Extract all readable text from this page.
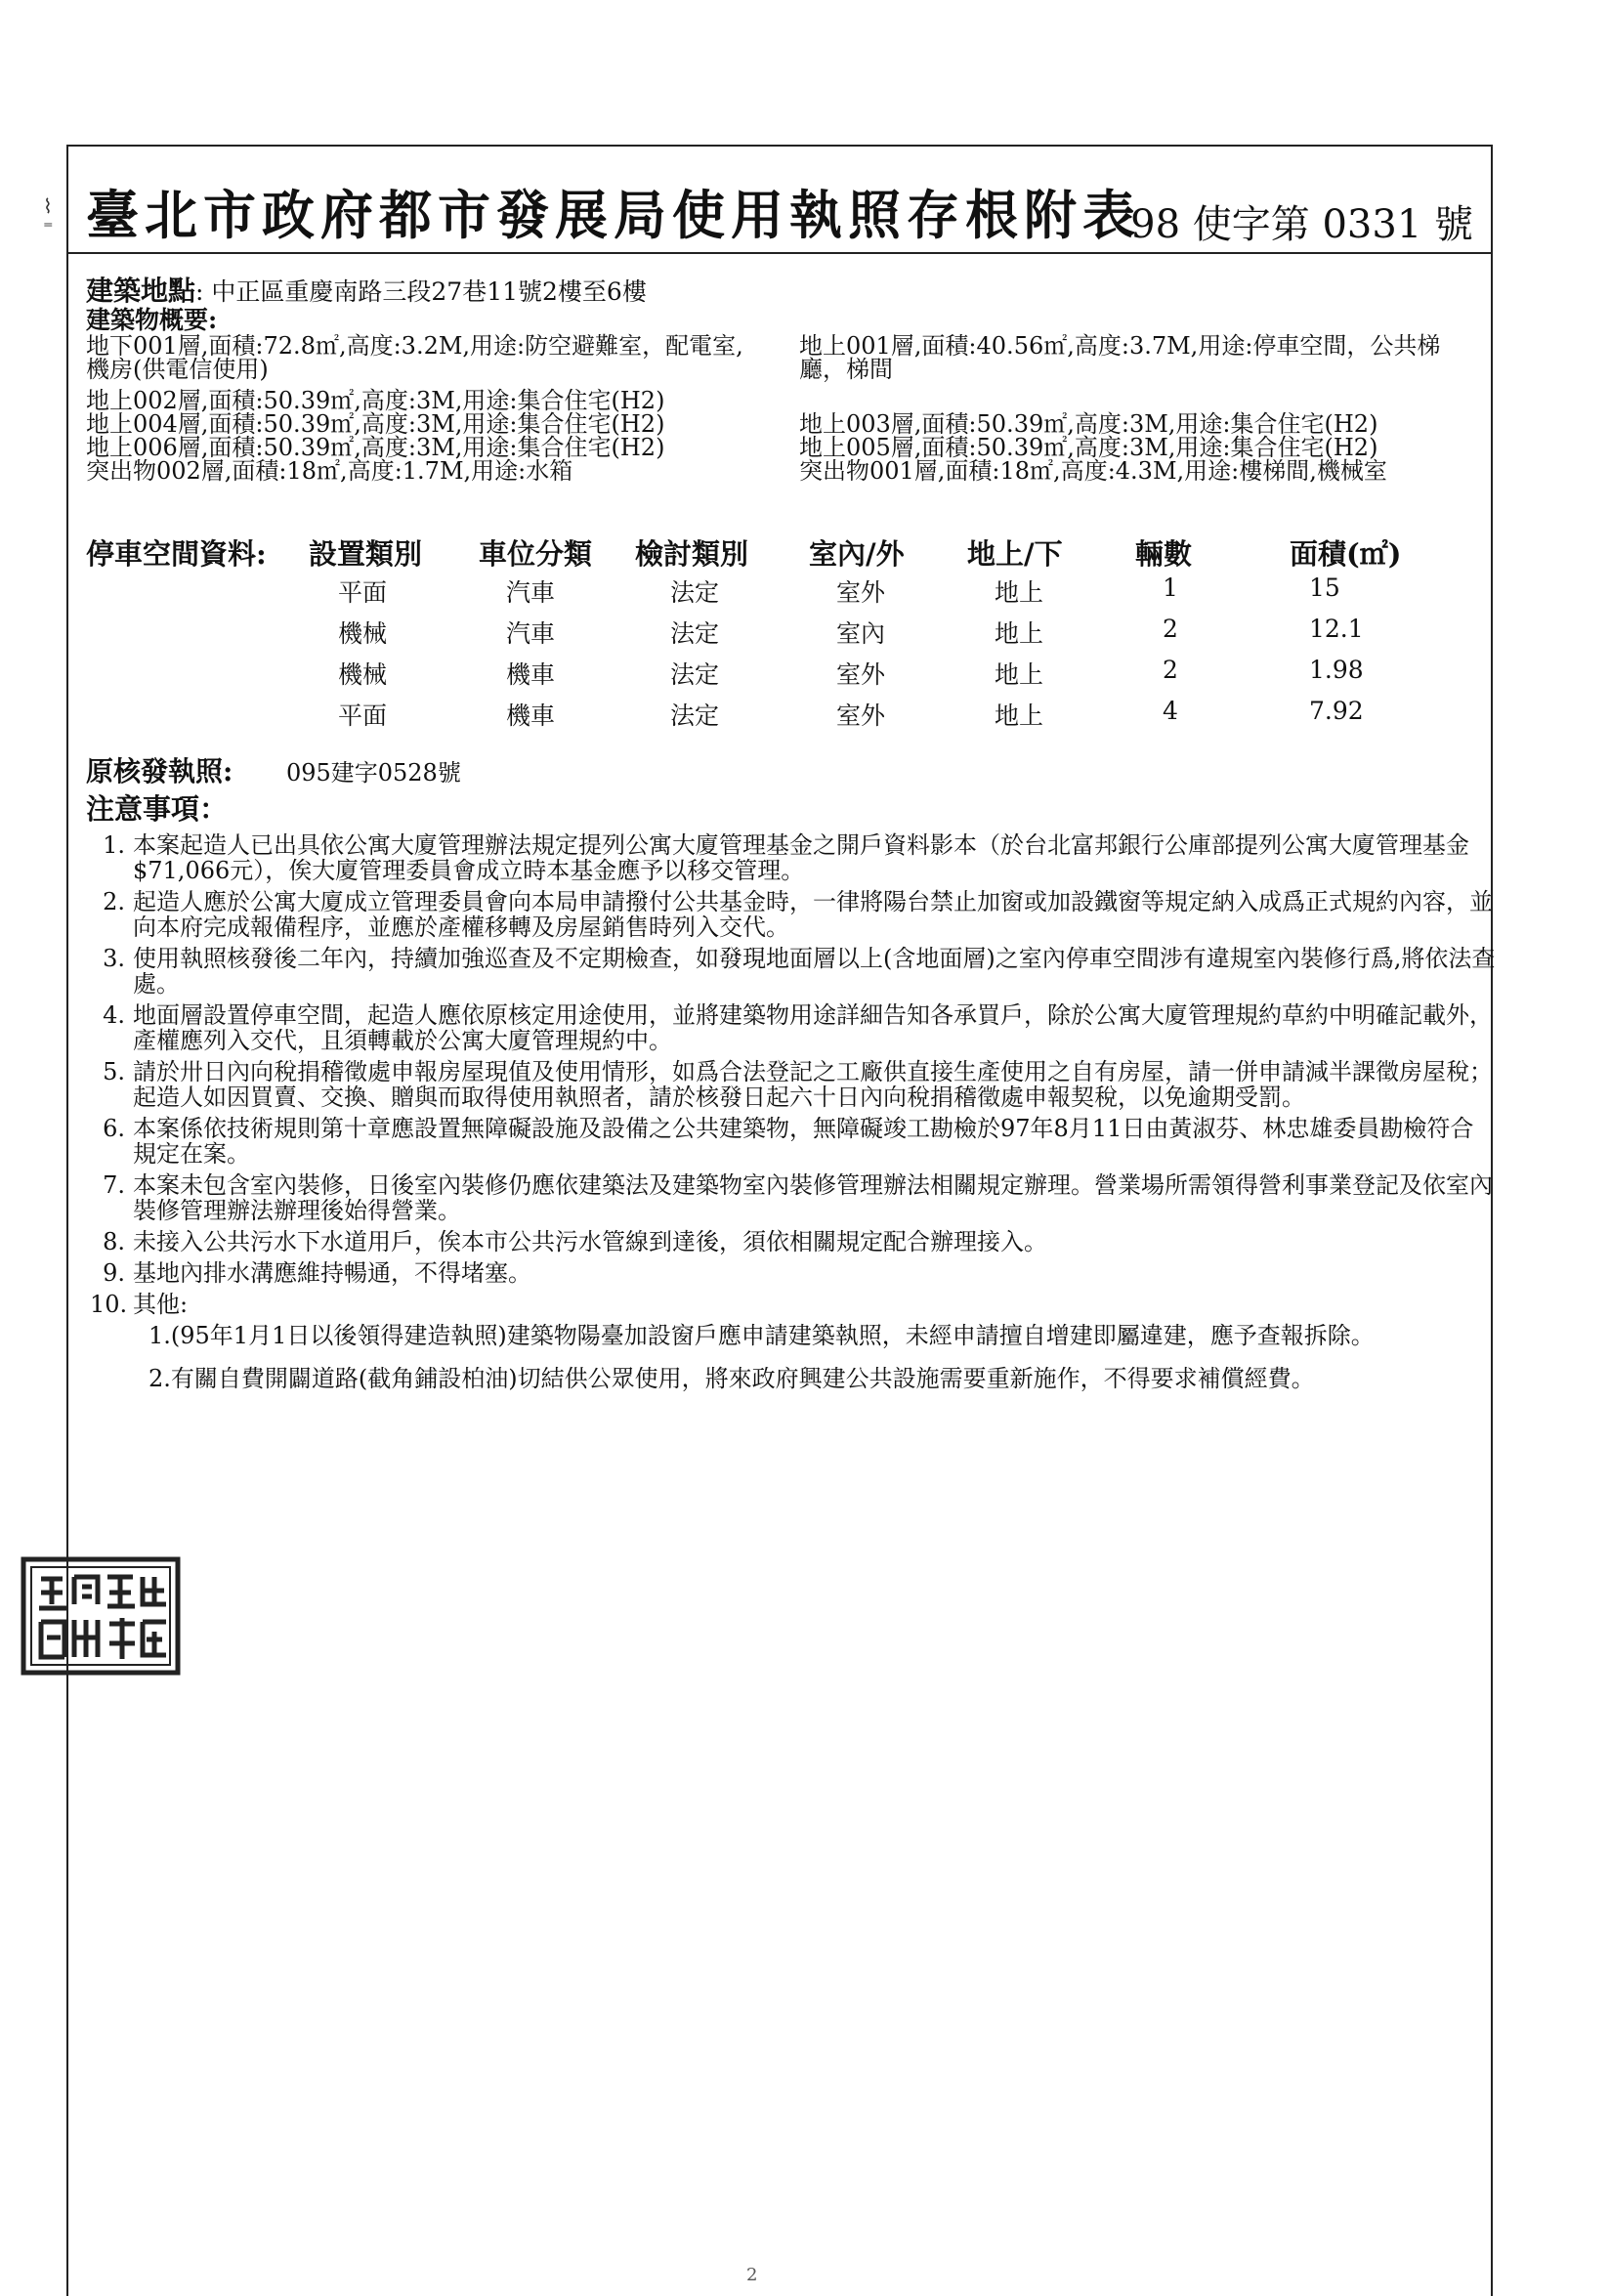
⌇
⁼ 臺北市政府都市發展局使用執照存根附表
98 使字第 0331 號
建築地點: 中正區重慶南路三段27巷11號2樓至6樓
建築物概要:
地下001層,面積:72.8㎡,高度:3.2M,用途:防空避難室，配電室, 地上001層,面積:40.56㎡,高度:3.7M,用途:停車空間，公共梯
機房(供電信使用)	廳，梯間
地上002層,面積:50.39㎡,高度:3M,用途:集合住宅(H2)
地上004層,面積:50.39㎡,高度:3M,用途:集合住宅(H2)	地上003層,面積:50.39㎡,高度:3M,用途:集合住宅(H2)
地上006層,面積:50.39㎡,高度:3M,用途:集合住宅(H2)	地上005層,面積:50.39㎡,高度:3M,用途:集合住宅(H2)
突出物002層,面積:18㎡,高度:1.7M,用途:水箱	突出物001層,面積:18㎡,高度:4.3M,用途:樓梯間,機械室
停車空間資料: 設置類別 車位分類 檢討類別 室內/外 地上/下	輛數	面積(㎡)
平面	汽車	法定	室外	地上	1	15
機械	汽車	法定	室內	地上	2	12.1
機械	機車	法定	室外	地上	2	1.98
平面	機車	法定	室外	地上	4	7.92
原核發執照: 095建字0528號
注意事項：
1. 本案起造人已出具依公寓大廈管理辦法規定提列公寓大廈管理基金之開戶資料影本（於台北富邦銀行公庫部提列公寓大廈管理基金$71,066元），俟大廈管理委員會成立時本基金應予以移交管理。
2. 起造人應於公寓大廈成立管理委員會向本局申請撥付公共基金時，一律將陽台禁止加窗或加設鐵窗等規定納入成爲正式規約內容，並向本府完成報備程序，並應於產權移轉及房屋銷售時列入交代。
3. 使用執照核發後二年內，持續加強巡查及不定期檢查，如發現地面層以上(含地面層)之室內停車空間涉有違規室內裝修行爲,將依法查處。
4. 地面層設置停車空間，起造人應依原核定用途使用，並將建築物用途詳細告知各承買戶，除於公寓大廈管理規約草約中明確記載外，產權應列入交代，且須轉載於公寓大廈管理規約中。
5. 請於卅日內向稅捐稽徵處申報房屋現值及使用情形，如爲合法登記之工廠供直接生產使用之自有房屋，請一併申請減半課徵房屋稅；起造人如因買賣、交換、贈與而取得使用執照者，請於核發日起六十日內向稅捐稽徵處申報契稅，以免逾期受罰。
6. 本案係依技術規則第十章應設置無障礙設施及設備之公共建築物，無障礙竣工勘檢於97年8月11日由黃淑芬、林忠雄委員勘檢符合規定在案。
7. 本案未包含室內裝修，日後室內裝修仍應依建築法及建築物室內裝修管理辦法相關規定辦理。營業場所需領得營利事業登記及依室內裝修管理辦法辦理後始得營業。
8. 未接入公共污水下水道用戶，俟本市公共污水管線到達後，須依相關規定配合辦理接入。
9. 基地內排水溝應維持暢通，不得堵塞。
10. 其他:
1.(95年1月1日以後領得建造執照)建築物陽臺加設窗戶應申請建築執照，未經申請擅自增建即屬違建，應予查報拆除。
2.有關自費開闢道路(截角鋪設柏油)切結供公眾使用，將來政府興建公共設施需要重新施作，不得要求補償經費。
2
